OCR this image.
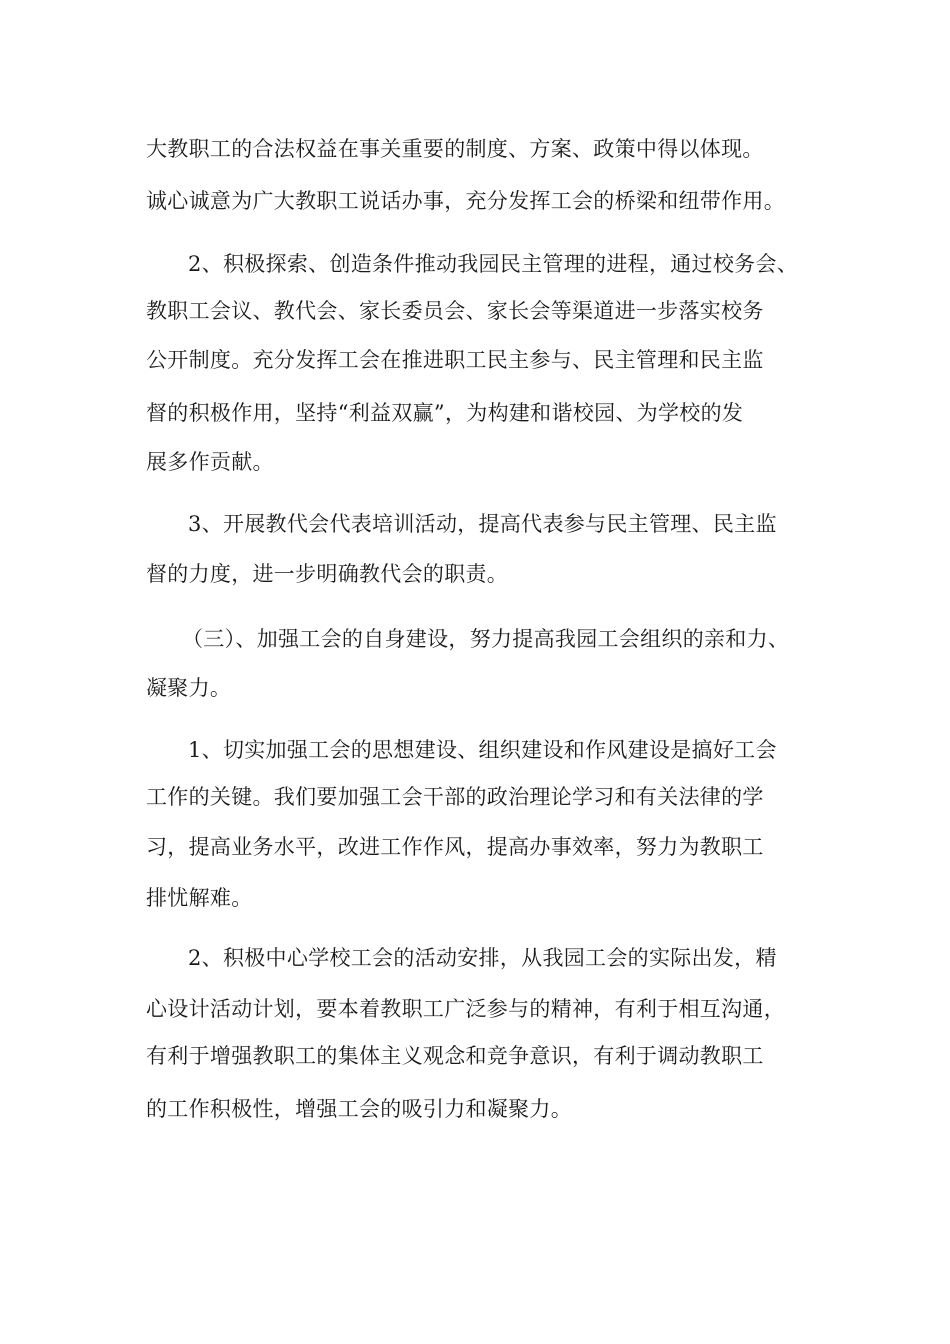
大教职工的合法权益在事关重要的制度、方案、政策中得以体现。
诚心诚意为广大教职工说话办事，充分发挥工会的桥梁和纽带作用。
2、积极探索、创造条件推动我园民主管理的进程，通过校务会、
教职工会议、教代会、家长委员会、家长会等渠道进一步落实校务
公开制度。充分发挥工会在推进职工民主参与、民主管理和民主监
督的积极作用，坚持“利益双赢”，为构建和谐校园、为学校的发
展多作贡献。
3、开展教代会代表培训活动，提高代表参与民主管理、民主监
督的力度，进一步明确教代会的职责。
（三）、加强工会的自身建设，努力提高我园工会组织的亲和力、
凝聚力。
1、切实加强工会的思想建设、组织建设和作风建设是搞好工会
工作的关键。我们要加强工会干部的政治理论学习和有关法律的学
习，提高业务水平，改进工作作风，提高办事效率，努力为教职工
排忧解难。
2、积极中心学校工会的活动安排，从我园工会的实际出发，精
心设计活动计划，要本着教职工广泛参与的精神，有利于相互沟通，
有利于增强教职工的集体主义观念和竞争意识，有利于调动教职工
的工作积极性，增强工会的吸引力和凝聚力。
